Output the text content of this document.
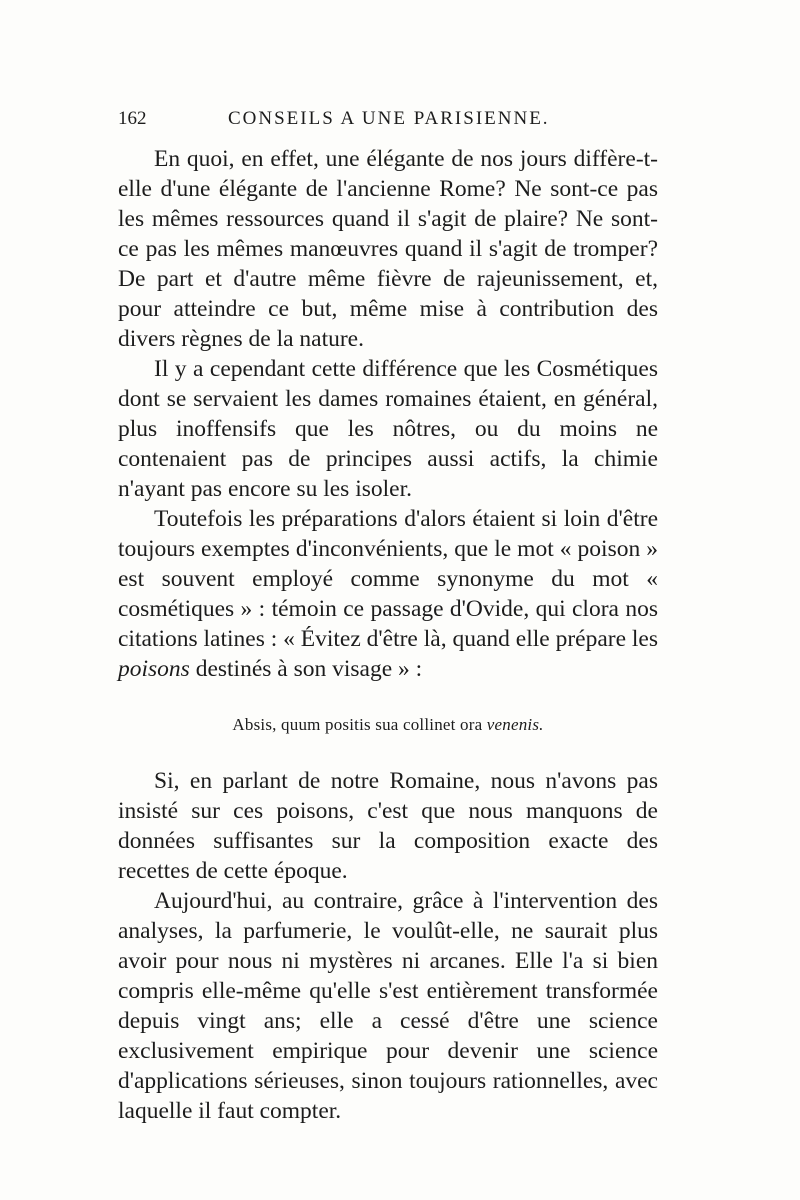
162	CONSEILS A UNE PARISIENNE.

En quoi, en effet, une élégante de nos jours diffère-t-elle d'une élégante de l'ancienne Rome? Ne sont-ce pas les mêmes ressources quand il s'agit de plaire? Ne sont-ce pas les mêmes manœuvres quand il s'agit de tromper? De part et d'autre même fièvre de rajeunissement, et, pour atteindre ce but, même mise à contribution des divers règnes de la nature.

Il y a cependant cette différence que les Cosmétiques dont se servaient les dames romaines étaient, en général, plus inoffensifs que les nôtres, ou du moins ne contenaient pas de principes aussi actifs, la chimie n'ayant pas encore su les isoler.

Toutefois les préparations d'alors étaient si loin d'être toujours exemptes d'inconvénients, que le mot « poison » est souvent employé comme synonyme du mot « cosmétiques » : témoin ce passage d'Ovide, qui clora nos citations latines : « Évitez d'être là, quand elle prépare les poisons destinés à son visage » :

Absis, quum positis sua collinet ora venenis.

Si, en parlant de notre Romaine, nous n'avons pas insisté sur ces poisons, c'est que nous manquons de données suffisantes sur la composition exacte des recettes de cette époque.

Aujourd'hui, au contraire, grâce à l'intervention des analyses, la parfumerie, le voulût-elle, ne saurait plus avoir pour nous ni mystères ni arcanes. Elle l'a si bien compris elle-même qu'elle s'est entièrement transformée depuis vingt ans; elle a cessé d'être une science exclusivement empirique pour devenir une science d'applications sérieuses, sinon toujours rationnelles, avec laquelle il faut compter.
